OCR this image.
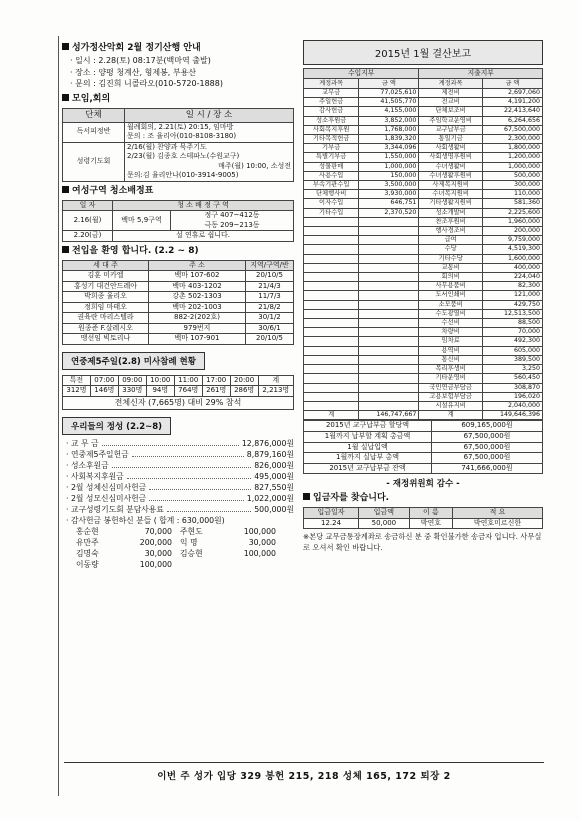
성가정산악회 2월 정기산행 안내
· 일시 : 2.28(토) 08:17분(백마역 출발)
· 장소 : 양평 청계산, 형제봉, 부용산
· 문의 : 김진희 니콜라오(010-5720-1888)
모임,회의
단체	일 시 / 장 소
독서피정반	월례회의, 2.21(토) 20:15, 임마방
문의 : 조 율리아(010-8108-3180)

성령기도회	2/16(월) 찬양과 묵주기도
2/23(월) 김종호 스테파노(수원교구)
매주(월) 10:00, 소성전
문의:김 율리안나(010-3914-9005)
여성구역 청소배정표
일 자	청 소 배 정 구 역	
2.16(월)	백마 5,9구역	정구 407~412동
극동 209~213동

2.20(금)	설 연휴로 쉽니다.	
전입을 환영 합니다. (2.2 ~ 8)
세 대 주	주 소	지역/구역/반
김훈 미카엘	백마 107-602	20/10/5
홍성기 대건안드레아	백마 403-1202	21/4/3
박희종 율리오	강촌 502-1303	11/7/3
정희임 마태오	백마 202-1003	21/8/2
권육란 마리스텔라	882-2(202호)	30/1/2
원종준 F.살레시오	979번지	30/6/1
맹선임 빅토리나	백마 107-901	20/10/5
연중제5주일(2.8) 미사참례 현황
특전	07:00	09:00	10:00	11:00	17:00	20:00	계
312명	146명	330명	94명	764명	261명	286명	2,213명
전체신자 (7,665명) 대비 29% 참석							
우리들의 정성 (2.2~8)
· 교 무 금	12,876,000원
· 연중제5주일헌금	8,879,160원
· 성소후원금	826,000원
· 사회복지후원금	495,000원
· 2월 성체신심미사헌금	827,550원
· 2월 성모신심미사헌금	1,022,000원
· 교구성령기도회 분담사용료	500,000원
· 감사헌금 봉헌하신 분들 ( 합계 : 630,000원)
홍순현	70,000	주현도	100,000
유만주	200,000	익 명	30,000
김명숙	30,000	김승현	100,000
이동량	100,000
2015년 1월 결산보고
수입지부		지출지부	
계정과목	금 액	계정과목	금 액
교무금	77,025,610	제전비	2,697,060
주일헌금	41,505,770	전교비	4,191,200
감사헌금	4,155,000	단체보조비	22,413,640
성소후원금	3,852,000	주임학교운영비	6,264,656
사회복지후원	1,768,000	교구납부금	67,500,000
기타목적헌금	1,839,320	통일기금	2,300,000
기부금	3,344,096	사회생활비	1,800,000
특별기부금	1,550,000	사회생명후원비	1,200,000
성물판매	1,000,000	수녀생활비	1,000,000
사용수입	150,000	수녀생활후원비	500,000
부속기관수입	3,500,000	사제복지원비	300,000
단체행사비	3,930,000	수녀복지원비	110,000
이자수입	646,751	기타생활지원비	581,360
기타수입	2,370,520	성소개발비	2,225,600
		찬조후원비	1,960,000
		행사경조비	200,000
		급여	9,759,000
		수당	4,519,300
		기타수당	1,600,000
		교통비	400,000
		회의비	224,040
		사무용품비	82,300
		도서인쇄비	121,000
		소모품비	429,750
		수도광열비	12,513,500
		수선비	88,500
		차량비	70,000
		임차료	492,300
		용역비	605,000
		통신비	389,500
		복리후생비	3,250
		기타운영비	560,450
		국민연금부담금	308,870
		고용보험부담금	196,020
		시설유지비	2,040,000
계	146,747,667	계	149,646,396
2015년 교구납부금 할당액	609,165,000원
1월까지 납부할 계획 총금액	67,500,000원
1월 실납입액	67,500,000원
1월까지 실납부 총액	67,500,000원
2015년 교구납부금 잔액	741,666,000원
- 재정위원회 감수 -
입금자를 찾습니다.
입금일자	입금액	이 름	적 요
12.24	50,000	박연호	박연호미르신한
※본당 교무금통장계좌로 송금하신 분 중 확인불가한 송금자 입니다. 사무실로 오셔서 확인 바랍니다.
이번 주 성가 입당 329 봉헌 215, 218 성체 165, 172 퇴장 2
